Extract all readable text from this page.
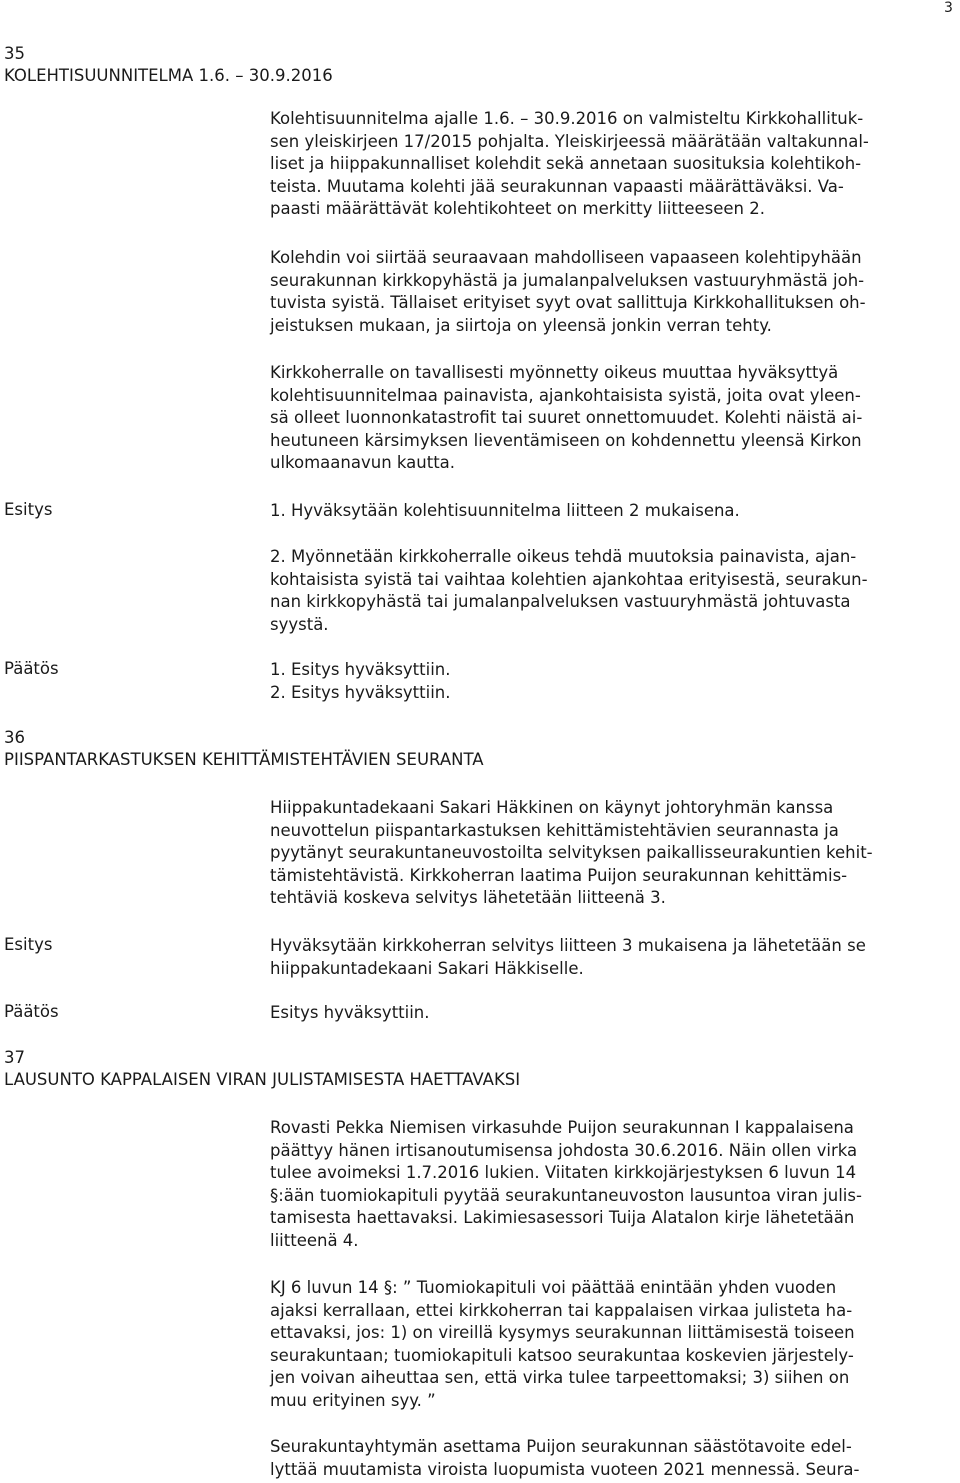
3
35
KOLEHTISUUNNITELMA 1.6. – 30.9.2016
Kolehtisuunnitelma ajalle 1.6. – 30.9.2016 on valmisteltu Kirkkohallituk-
sen yleiskirjeen 17/2015 pohjalta. Yleiskirjeessä määrätään valtakunnal-
liset ja hiippakunnalliset kolehdit sekä annetaan suosituksia kolehtikoh-
teista. Muutama kolehti jää seurakunnan vapaasti määrättäväksi. Va-
paasti määrättävät kolehtikohteet on merkitty liitteeseen 2.
Kolehdin voi siirtää seuraavaan mahdolliseen vapaaseen kolehtipyhään
seurakunnan kirkkopyhästä ja jumalanpalveluksen vastuuryhmästä joh-
tuvista syistä. Tällaiset erityiset syyt ovat sallittuja Kirkkohallituksen oh-
jeistuksen mukaan, ja siirtoja on yleensä jonkin verran tehty.
Kirkkoherralle on tavallisesti myönnetty oikeus muuttaa hyväksyttyä
kolehtisuunnitelmaa painavista, ajankohtaisista syistä, joita ovat yleen-
sä olleet luonnonkatastrofit tai suuret onnettomuudet. Kolehti näistä ai-
heutuneen kärsimyksen lieventämiseen on kohdennettu yleensä Kirkon
ulkomaanavun kautta.
Esitys	1. Hyväksytään kolehtisuunnitelma liitteen 2 mukaisena.
2. Myönnetään kirkkoherralle oikeus tehdä muutoksia painavista, ajan-
kohtaisista syistä tai vaihtaa kolehtien ajankohtaa erityisestä, seurakun-
nan kirkkopyhästä tai jumalanpalveluksen vastuuryhmästä johtuvasta
syystä.
Päätös	1. Esitys hyväksyttiin.
2. Esitys hyväksyttiin.
36
PIISPANTARKASTUKSEN KEHITTÄMISTEHTÄVIEN SEURANTA
Hiippakuntadekaani Sakari Häkkinen on käynyt johtoryhmän kanssa
neuvottelun piispantarkastuksen kehittämistehtävien seurannasta ja
pyytänyt seurakuntaneuvostoilta selvityksen paikallisseurakuntien kehit-
tämistehtävistä. Kirkkoherran laatima Puijon seurakunnan kehittämis-
tehtäviä koskeva selvitys lähetetään liitteenä 3.
Esitys	Hyväksytään kirkkoherran selvitys liitteen 3 mukaisena ja lähetetään se
hiippakuntadekaani Sakari Häkkiselle.
Päätös	Esitys hyväksyttiin.
37
LAUSUNTO KAPPALAISEN VIRAN JULISTAMISESTA HAETTAVAKSI
Rovasti Pekka Niemisen virkasuhde Puijon seurakunnan I kappalaisena
päättyy hänen irtisanoutumisensa johdosta 30.6.2016. Näin ollen virka
tulee avoimeksi 1.7.2016 lukien. Viitaten kirkkojärjestyksen 6 luvun 14
§:ään tuomiokapituli pyytää seurakuntaneuvoston lausuntoa viran julis-
tamisesta haettavaksi. Lakimiesasessori Tuija Alatalon kirje lähetetään
liitteenä 4.
KJ 6 luvun 14 §: ” Tuomiokapituli voi päättää enintään yhden vuoden
ajaksi kerrallaan, ettei kirkkoherran tai kappalaisen virkaa julisteta ha-
ettavaksi, jos: 1) on vireillä kysymys seurakunnan liittämisestä toiseen
seurakuntaan; tuomiokapituli katsoo seurakuntaa koskevien järjestely-
jen voivan aiheuttaa sen, että virka tulee tarpeettomaksi; 3) siihen on
muu erityinen syy. ”
Seurakuntayhtymän asettama Puijon seurakunnan säästötavoite edel-
lyttää muutamista viroista luopumista vuoteen 2021 mennessä. Seura-
